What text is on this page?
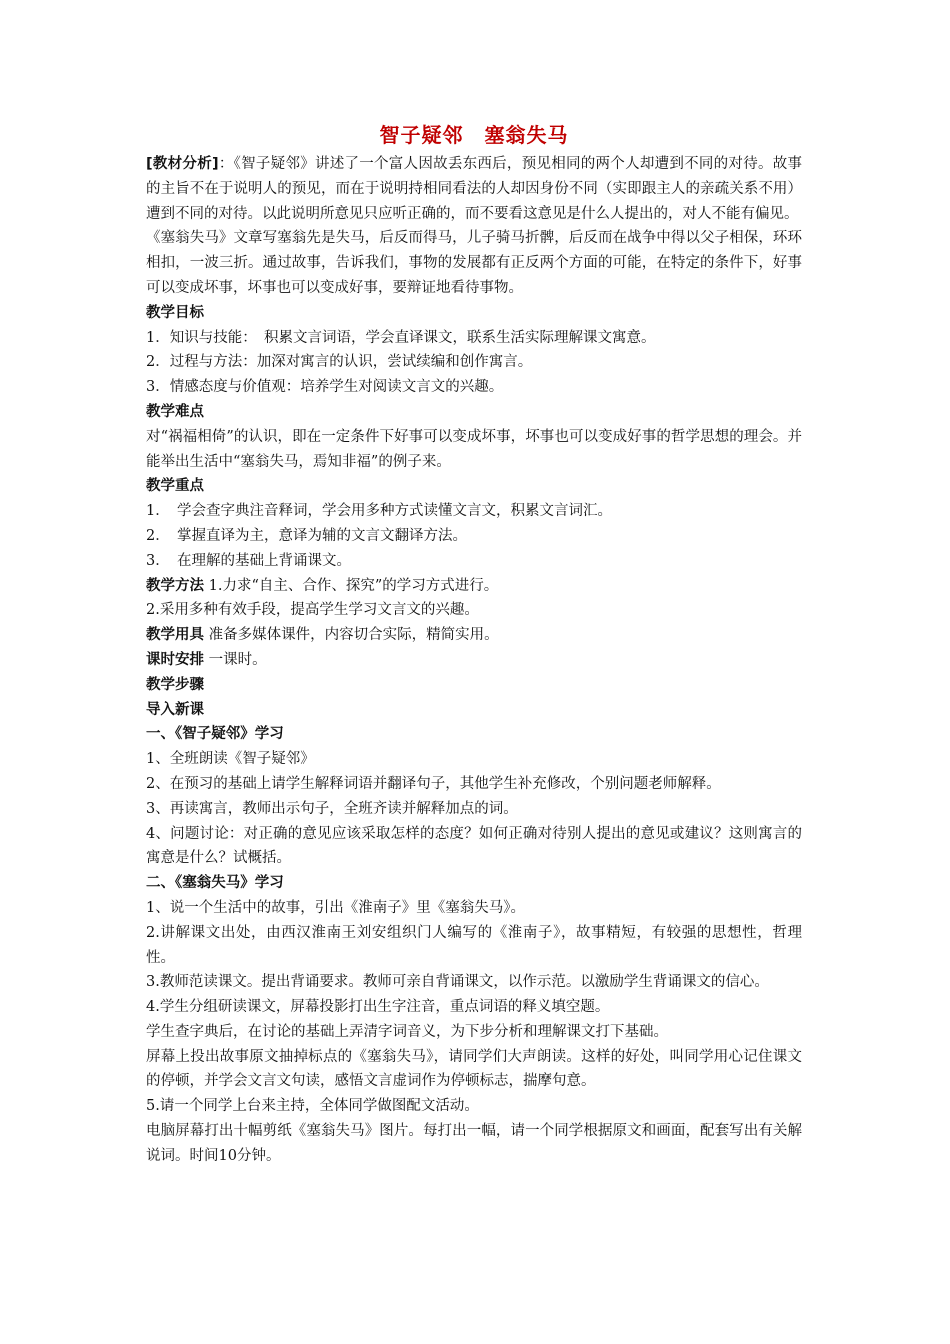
智子疑邻　塞翁失马

[教材分析]：《智子疑邻》讲述了一个富人因故丢东西后，预见相同的两个人却遭到不同的对待。故事的主旨不在于说明人的预见，而在于说明持相同看法的人却因身份不同（实即跟主人的亲疏关系不用）遭到不同的对待。以此说明所意见只应听正确的，而不要看这意见是什么人提出的，对人不能有偏见。

《塞翁失马》文章写塞翁先是失马，后反而得马，儿子骑马折髀，后反而在战争中得以父子相保，环环相扣，一波三折。通过故事，告诉我们，事物的发展都有正反两个方面的可能，在特定的条件下，好事可以变成坏事，坏事也可以变成好事，要辩证地看待事物。

教学目标

1．知识与技能：　积累文言词语，学会直译课文，联系生活实际理解课文寓意。

2．过程与方法：加深对寓言的认识，尝试续编和创作寓言。

3．情感态度与价值观：培养学生对阅读文言文的兴趣。

教学难点

对“祸福相倚”的认识，即在一定条件下好事可以变成坏事，坏事也可以变成好事的哲学思想的理会。并能举出生活中“塞翁失马，焉知非福”的例子来。

教学重点

1．　学会查字典注音释词，学会用多种方式读懂文言文，积累文言词汇。

2．　掌握直译为主，意译为辅的文言文翻译方法。

3．　在理解的基础上背诵课文。

教学方法 1.力求“自主、合作、探究”的学习方式进行。

2.采用多种有效手段，提高学生学习文言文的兴趣。

教学用具 准备多媒体课件，内容切合实际，精简实用。

课时安排 一课时。

教学步骤

导入新课

一、《智子疑邻》学习

1、全班朗读《智子疑邻》

2、在预习的基础上请学生解释词语并翻译句子，其他学生补充修改，个别问题老师解释。

3、再读寓言，教师出示句子，全班齐读并解释加点的词。

4、问题讨论：对正确的意见应该采取怎样的态度？如何正确对待别人提出的意见或建议？这则寓言的寓意是什么？试概括。

二、《塞翁失马》学习

1、说一个生活中的故事，引出《淮南子》里《塞翁失马》。

2.讲解课文出处，由西汉淮南王刘安组织门人编写的《淮南子》，故事精短，有较强的思想性，哲理性。

3.教师范读课文。提出背诵要求。教师可亲自背诵课文，以作示范。以激励学生背诵课文的信心。

4.学生分组研读课文，屏幕投影打出生字注音，重点词语的释义填空题。

学生查字典后，在讨论的基础上弄清字词音义，为下步分析和理解课文打下基础。

屏幕上投出故事原文抽掉标点的《塞翁失马》，请同学们大声朗读。这样的好处，叫同学用心记住课文的停顿，并学会文言文句读，感悟文言虚词作为停顿标志，揣摩句意。

5.请一个同学上台来主持，全体同学做图配文活动。

电脑屏幕打出十幅剪纸《塞翁失马》图片。每打出一幅，请一个同学根据原文和画面，配套写出有关解说词。时间10分钟。
